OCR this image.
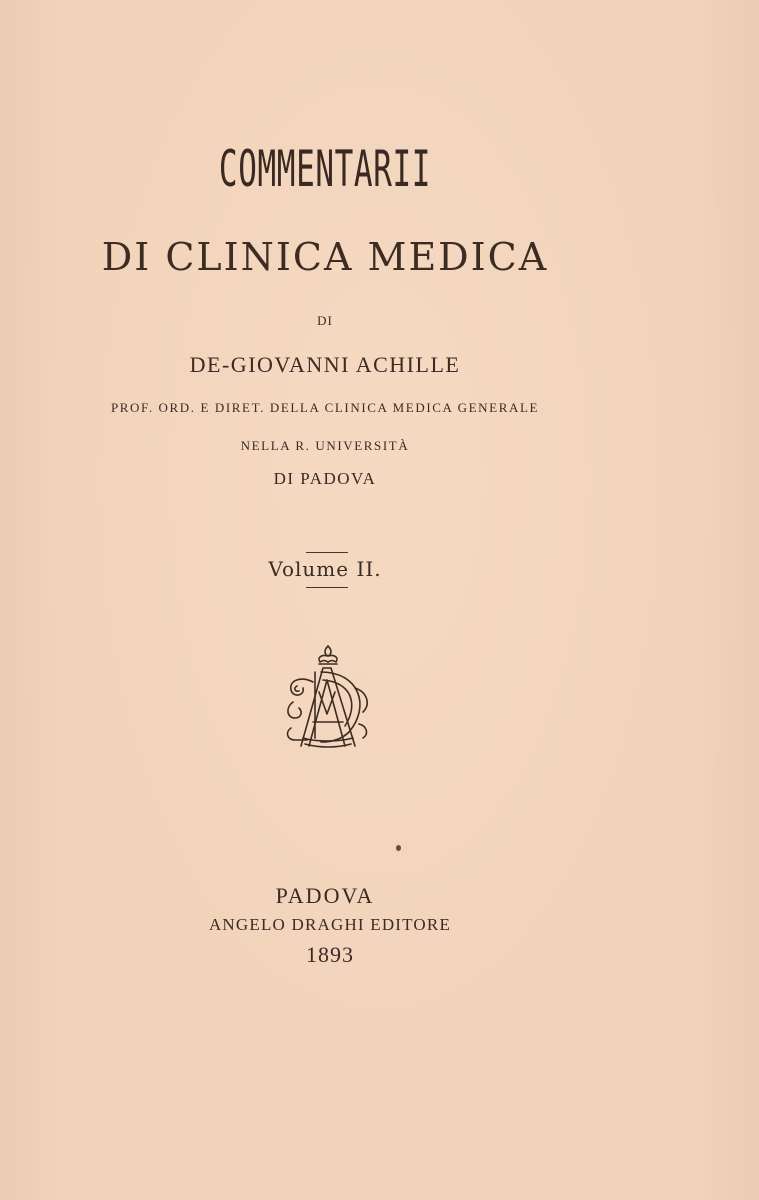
COMMENTARII
DI CLINICA MEDICA
DI
DE-GIOVANNI ACHILLE
PROF. ORD. E DIRET. DELLA CLINICA MEDICA GENERALE
NELLA R. UNIVERSITÀ
DI PADOVA
Volume II.
PADOVA
ANGELO DRAGHI EDITORE
1893
